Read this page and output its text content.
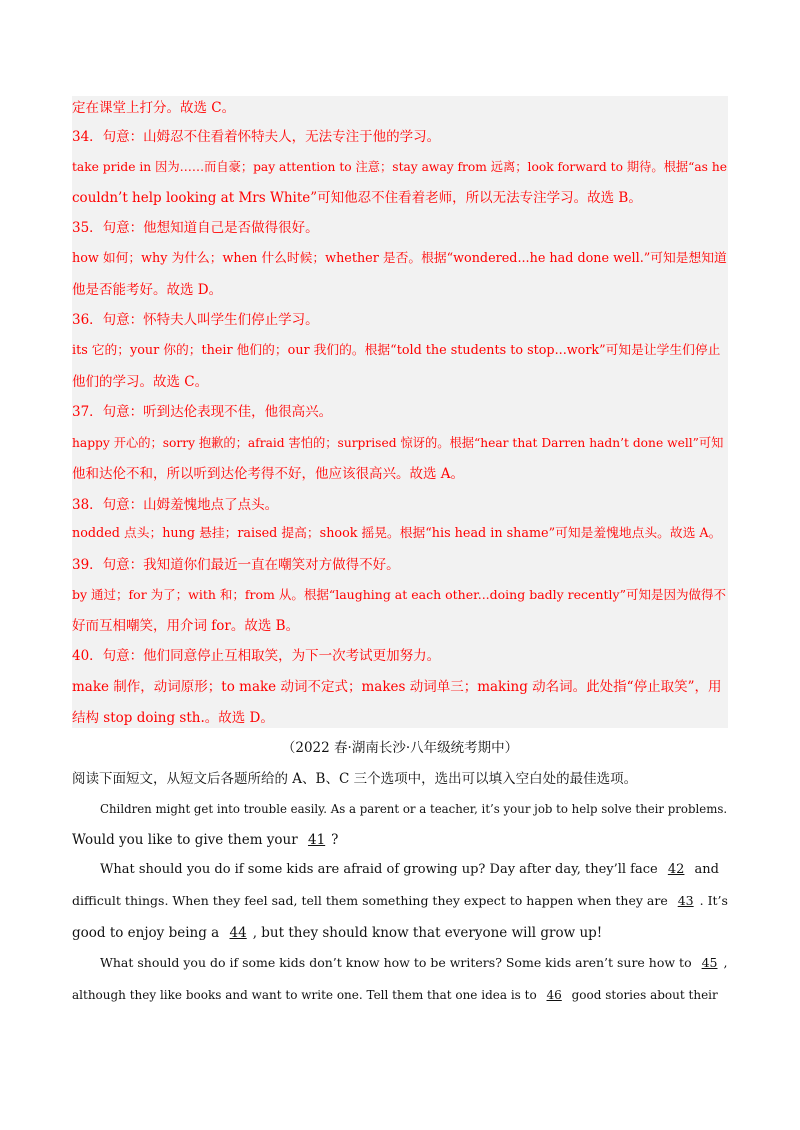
定在课堂上打分。故选 C。
34．句意：山姆忍不住看着怀特夫人，无法专注于他的学习。
take pride in 因为……而自豪；pay attention to 注意；stay away from 远离；look forward to 期待。根据“as he
couldn’t help looking at Mrs White”可知他忍不住看着老师，所以无法专注学习。故选 B。
35．句意：他想知道自己是否做得很好。
how 如何；why 为什么；when 什么时候；whether 是否。根据“wondered...he had done well.”可知是想知道
他是否能考好。故选 D。
36．句意：怀特夫人叫学生们停止学习。
its 它的；your 你的；their 他们的；our 我们的。根据“told the students to stop...work”可知是让学生们停止
他们的学习。故选 C。
37．句意：听到达伦表现不佳，他很高兴。
happy 开心的；sorry 抱歉的；afraid 害怕的；surprised 惊讶的。根据“hear that Darren hadn’t done well”可知
他和达伦不和，所以听到达伦考得不好，他应该很高兴。故选 A。
38．句意：山姆羞愧地点了点头。
nodded 点头；hung 悬挂；raised 提高；shook 摇晃。根据“his head in shame”可知是羞愧地点头。故选 A。
39．句意：我知道你们最近一直在嘲笑对方做得不好。
by 通过；for 为了；with 和；from 从。根据“laughing at each other...doing badly recently”可知是因为做得不
好而互相嘲笑，用介词 for。故选 B。
40．句意：他们同意停止互相取笑，为下一次考试更加努力。
make 制作，动词原形；to make 动词不定式；makes 动词单三；making 动名词。此处指“停止取笑”，用
结构 stop doing sth.。故选 D。
（2022 春·湖南长沙·八年级统考期中）
阅读下面短文，从短文后各题所给的 A、B、C 三个选项中，选出可以填入空白处的最佳选项。
Children might get into trouble easily. As a parent or a teacher, it’s your job to help solve their problems.
Would you like to give them your 41 ?
What should you do if some kids are afraid of growing up? Day after day, they’ll face 42 and
difficult things. When they feel sad, tell them something they expect to happen when they are 43 . It’s
good to enjoy being a 44 , but they should know that everyone will grow up!
What should you do if some kids don’t know how to be writers? Some kids aren’t sure how to 45 ,
although they like books and want to write one. Tell them that one idea is to 46 good stories about their
